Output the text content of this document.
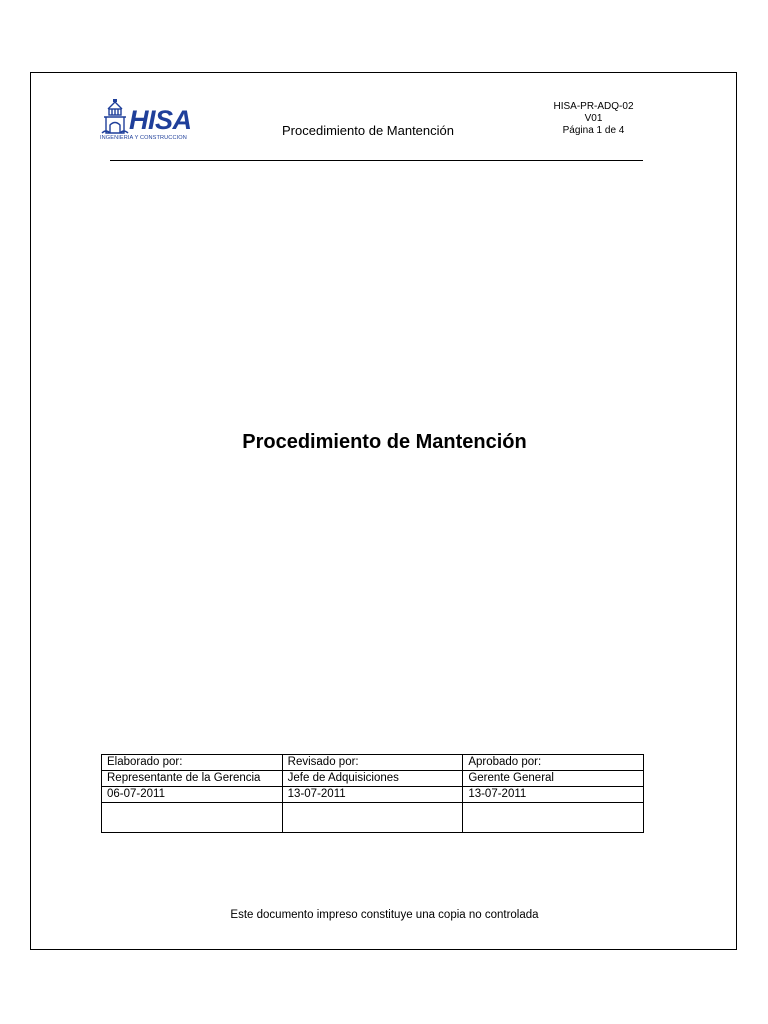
HISA
INGENIERIA Y CONSTRUCCION	Procedimiento de Mantención
HISA-PR-ADQ-02
V01
Página 1 de 4
Procedimiento de Mantención
Elaborado por:	Revisado por:	Aprobado por:
Representante de la Gerencia	Jefe de Adquisiciones	Gerente General
06-07-2011	13-07-2011	13-07-2011

Este documento impreso constituye una copia no controlada
